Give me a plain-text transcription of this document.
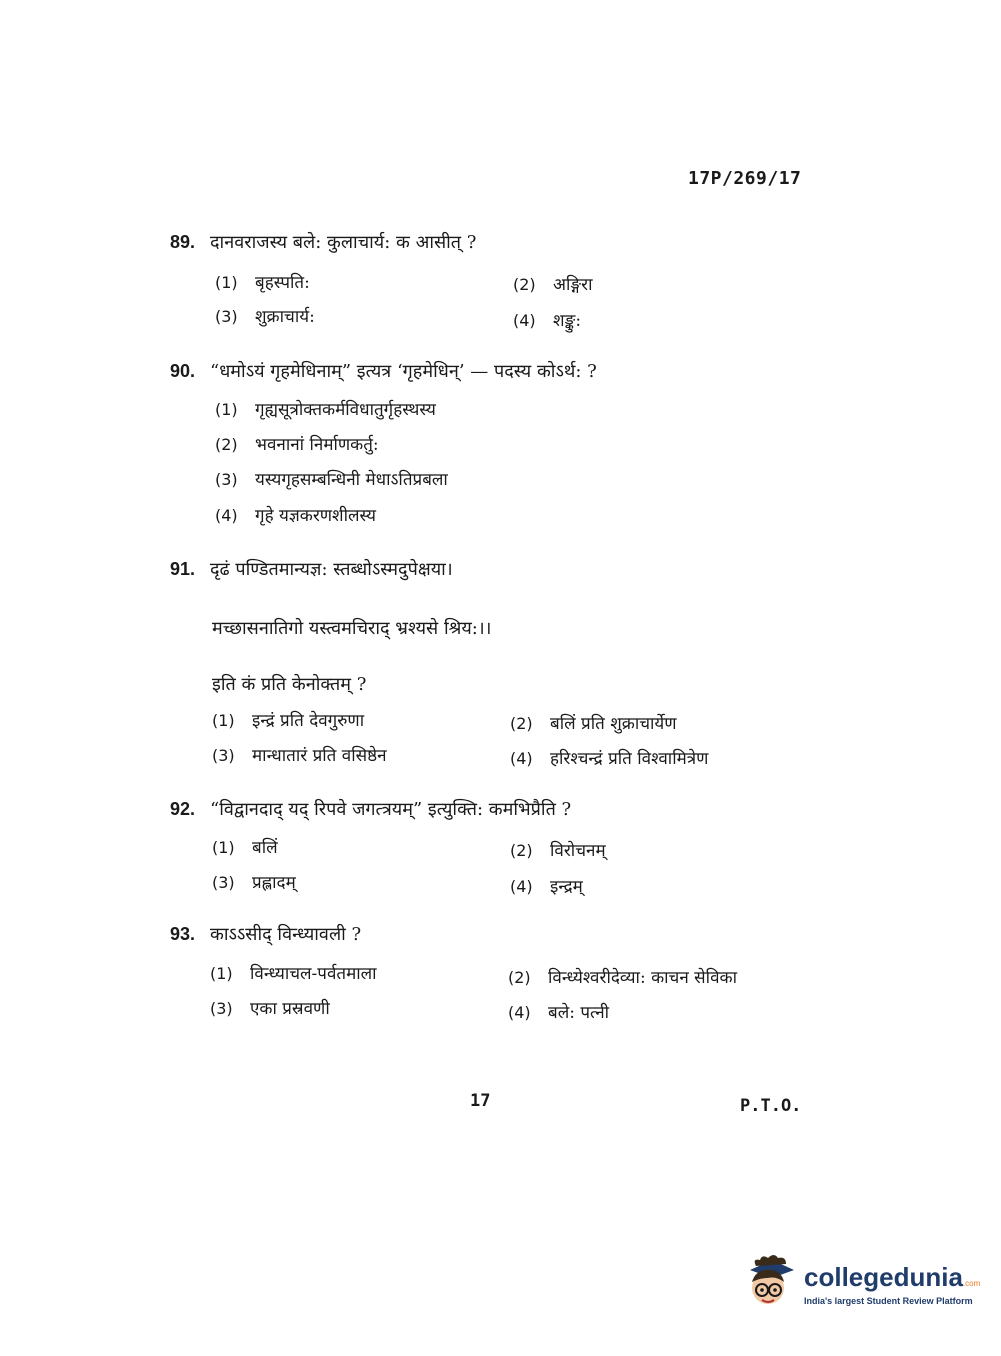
17P/269/17
89. दानवराजस्य बले: कुलाचार्य: क आसीत् ?
(1) बृहस्पति:	(2) अङ्गिरा
(3) शुक्राचार्य:	(4) शङ्कु:
90. “धमोऽयं गृहमेधिनाम्” इत्यत्र ‘गृहमेधिन्’ — पदस्य कोऽर्थ: ?
(1) गृह्यसूत्रोक्तकर्मविधातुर्गृहस्थस्य
(2) भवनानां निर्माणकर्तु:
(3) यस्यगृहसम्बन्धिनी मेधाऽतिप्रबला
(4) गृहे यज्ञकरणशीलस्य
91. दृढं पण्डितमान्यज्ञ: स्तब्धोऽस्मदुपेक्षया।
मच्छासनातिगो यस्त्वमचिराद् भ्रश्यसे श्रिय:।।
इति कं प्रति केनोक्तम् ?
(1) इन्द्रं प्रति देवगुरुणा	(2) बलिं प्रति शुक्राचार्येण
(3) मान्धातारं प्रति वसिष्ठेन	(4) हरिश्चन्द्रं प्रति विश्वामित्रेण
92. “विद्वानदाद् यद् रिपवे जगत्त्रयम्” इत्युक्ति: कमभिप्रैति ?
(1) बलिं	(2) विरोचनम्
(3) प्रह्लादम्	(4) इन्द्रम्
93. काऽऽसीद् विन्ध्यावली ?
(1) विन्ध्याचल-पर्वतमाला	(2) विन्ध्येश्वरीदेव्या: काचन सेविका
(3) एका प्रस्रवणी	(4) बले: पत्नी
17	P.T.O.
collegedunia.com
India's largest Student Review Platform
